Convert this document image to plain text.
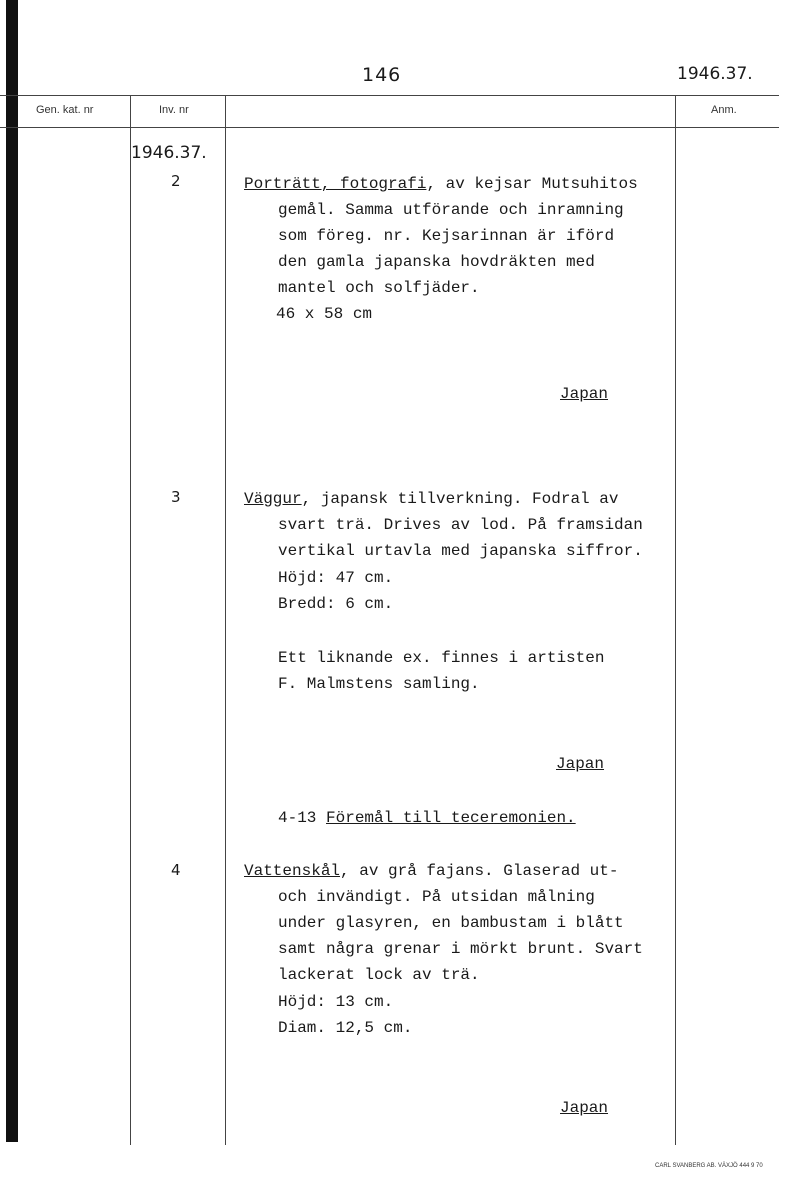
146	1946.37.
Gen. kat. nr	Inv. nr	Anm.
1946.37.
2	Porträtt, fotografi, av kejsar Mutsuhitos
gemål. Samma utförande och inramning
som föreg. nr. Kejsarinnan är iförd
den gamla japanska hovdräkten med
mantel och solfjäder.
46 x 58 cm
Japan
3	Väggur, japansk tillverkning. Fodral av
svart trä. Drives av lod. På framsidan
vertikal urtavla med japanska siffror.
Höjd: 47 cm.
Bredd: 6 cm.
Ett liknande ex. finnes i artisten
F. Malmstens samling.
Japan
4-13 Föremål till teceremonien.
4	Vattenskål, av grå fajans. Glaserad ut-
och invändigt. På utsidan målning
under glasyren, en bambustam i blått
samt några grenar i mörkt brunt. Svart
lackerat lock av trä.
Höjd: 13 cm.
Diam. 12,5 cm.
Japan
CARL SVANBERG AB. VÄXJÖ 444 9 70
